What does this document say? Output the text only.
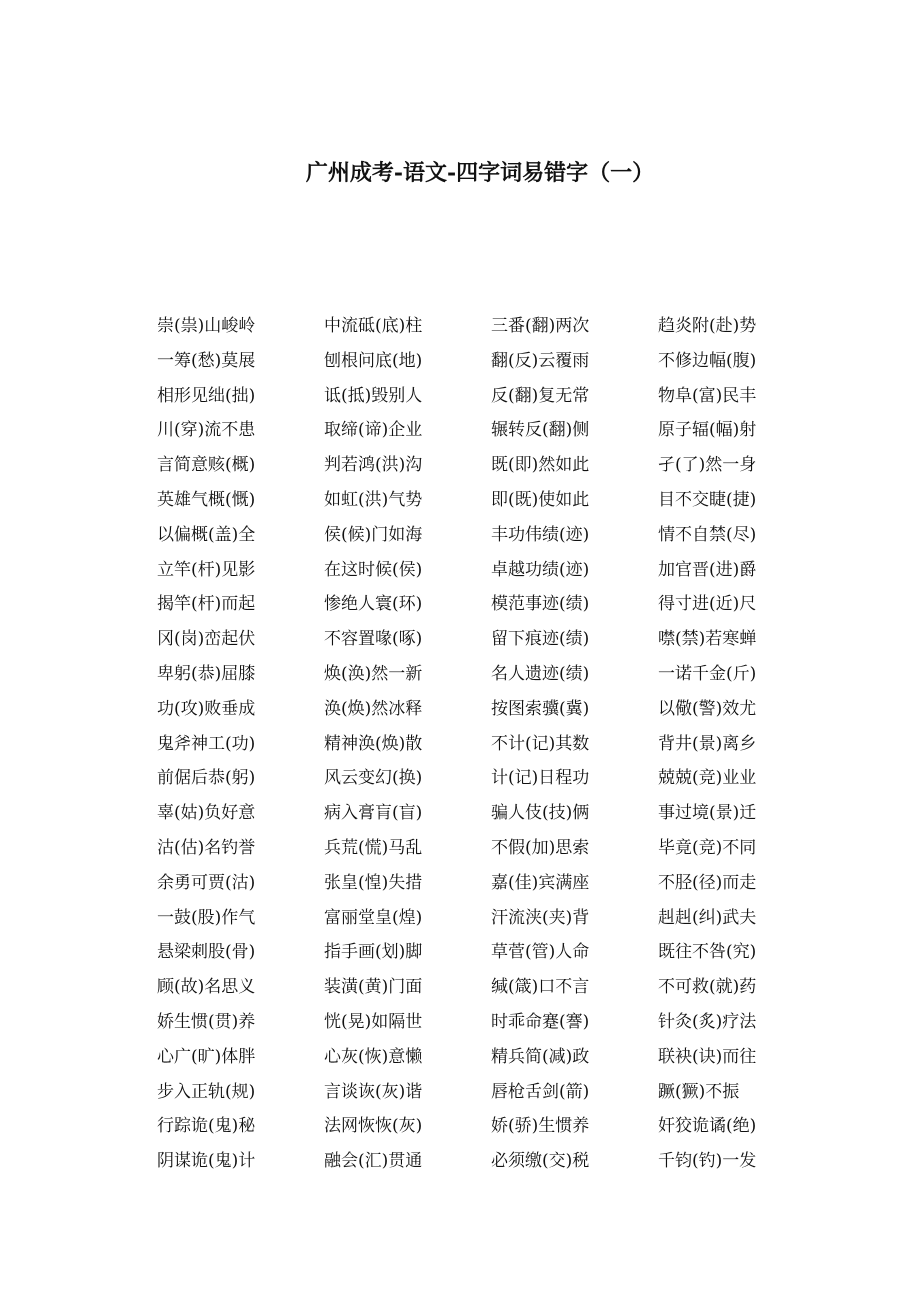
广州成考-语文-四字词易错字（一）
崇(祟)山峻岭	中流砥(底)柱	三番(翻)两次	趋炎附(赴)势
一筹(愁)莫展	刨根问底(地)	翻(反)云覆雨	不修边幅(腹)
相形见绌(拙)	诋(抵)毁别人	反(翻)复无常	物阜(富)民丰
川(穿)流不患	取缔(谛)企业	辗转反(翻)侧	原子辐(幅)射
言简意赅(概)	判若鸿(洪)沟	既(即)然如此	孑(了)然一身
英雄气概(慨)	如虹(洪)气势	即(既)使如此	目不交睫(捷)
以偏概(盖)全	侯(候)门如海	丰功伟绩(迹)	情不自禁(尽)
立竿(杆)见影	在这时候(侯)	卓越功绩(迹)	加官晋(进)爵
揭竿(杆)而起	惨绝人寰(环)	模范事迹(绩)	得寸进(近)尺
冈(岗)峦起伏	不容置喙(啄)	留下痕迹(绩)	噤(禁)若寒蝉
卑躬(恭)屈膝	焕(涣)然一新	名人遗迹(绩)	一诺千金(斤)
功(攻)败垂成	涣(焕)然冰释	按图索骥(冀)	以儆(警)效尤
鬼斧神工(功)	精神涣(焕)散	不计(记)其数	背井(景)离乡
前倨后恭(躬)	风云变幻(换)	计(记)日程功	兢兢(竞)业业
辜(姑)负好意	病入膏肓(盲)	骗人伎(技)俩	事过境(景)迁
沽(估)名钓誉	兵荒(慌)马乱	不假(加)思索	毕竟(竞)不同
余勇可贾(沽)	张皇(惶)失措	嘉(佳)宾满座	不胫(径)而走
一鼓(股)作气	富丽堂皇(煌)	汗流浃(夹)背	赳赳(纠)武夫
悬梁刺股(骨)	指手画(划)脚	草菅(管)人命	既往不咎(究)
顾(故)名思义	装潢(黄)门面	缄(箴)口不言	不可救(就)药
娇生惯(贯)养	恍(晃)如隔世	时乖命蹇(謇)	针灸(炙)疗法
心广(旷)体胖	心灰(恢)意懒	精兵简(减)政	联袂(诀)而往
步入正轨(规)	言谈诙(灰)谐	唇枪舌剑(箭)	蹶(獗)不振
行踪诡(鬼)秘	法网恢恢(灰)	娇(骄)生惯养	奸狡诡谲(绝)
阴谋诡(鬼)计	融会(汇)贯通	必须缴(交)税	千钧(钓)一发
